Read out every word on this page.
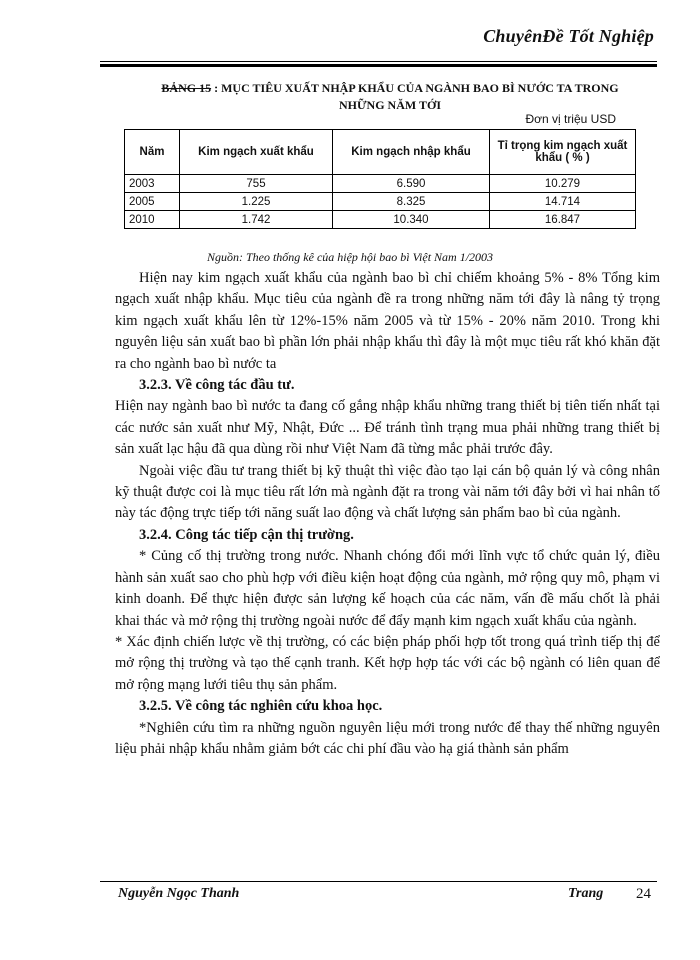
ChuyênĐề Tốt Nghiệp
BẢNG 15 : MỤC TIÊU XUẤT NHẬP KHẨU CỦA NGÀNH BAO BÌ NƯỚC TA TRONG NHỮNG NĂM TỚI
Đơn vị triệu USD
Năm	Kim ngạch xuất khẩu	Kim ngạch nhập khẩu	Tỉ trọng kim ngạch xuất khẩu ( % )
2003	755	6.590	10.279
2005	1.225	8.325	14.714
2010	1.742	10.340	16.847
Nguồn: Theo thống kê của hiệp hội bao bì Việt Nam 1/2003

Hiện nay kim ngạch xuất khẩu của ngành bao bì chỉ chiếm khoảng 5% - 8% Tổng kim ngạch xuất nhập khẩu. Mục tiêu của ngành đề ra trong những năm tới đây là nâng tỷ trọng kim ngạch xuất khẩu lên từ 12%-15% năm 2005 và từ 15% - 20% năm 2010. Trong khi nguyên liệu sản xuất bao bì phần lớn phải nhập khẩu thì đây là một mục tiêu rất khó khăn đặt ra cho ngành bao bì nước ta

3.2.3. Về công tác đầu tư.

Hiện nay ngành bao bì nước ta đang cố gắng nhập khẩu những trang thiết bị tiên tiến nhất tại các nước sản xuất như Mỹ, Nhật, Đức ... Để tránh tình trạng mua phải những trang thiết bị sản xuất lạc hậu đã qua dùng rồi như Việt Nam đã từng mắc phải trước đây.

Ngoài việc đầu tư trang thiết bị kỹ thuật thì việc đào tạo lại cán bộ quản lý và công nhân kỹ thuật được coi là mục tiêu rất lớn mà ngành đặt ra trong vài năm tới đây bởi vì hai nhân tố này tác động trực tiếp tới năng suất lao động và chất lượng sản phẩm bao bì của ngành.

3.2.4. Công tác tiếp cận thị trường.

* Củng cố thị trường trong nước. Nhanh chóng đổi mới lĩnh vực tổ chức quản lý, điều hành sản xuất sao cho phù hợp với điều kiện hoạt động của ngành, mở rộng quy mô, phạm vi kinh doanh. Để thực hiện được sản lượng kế hoạch của các năm, vấn đề mấu chốt là phải khai thác và mở rộng thị trường ngoài nước để đẩy mạnh kim ngạch xuất khẩu của ngành.

* Xác định chiến lược về thị trường, có các biện pháp phối hợp tốt trong quá trình tiếp thị để mở rộng thị trường và tạo thế cạnh tranh. Kết hợp hợp tác với các bộ ngành có liên quan để mở rộng mạng lưới tiêu thụ sản phẩm.

3.2.5. Về công tác nghiên cứu khoa học.

*Nghiên cứu tìm ra những nguồn nguyên liệu mới trong nước để thay thế những nguyên liệu phải nhập khẩu nhằm giảm bớt các chi phí đầu vào hạ giá thành sản phẩm

Nguyễn Ngọc Thanh	Trang 24
